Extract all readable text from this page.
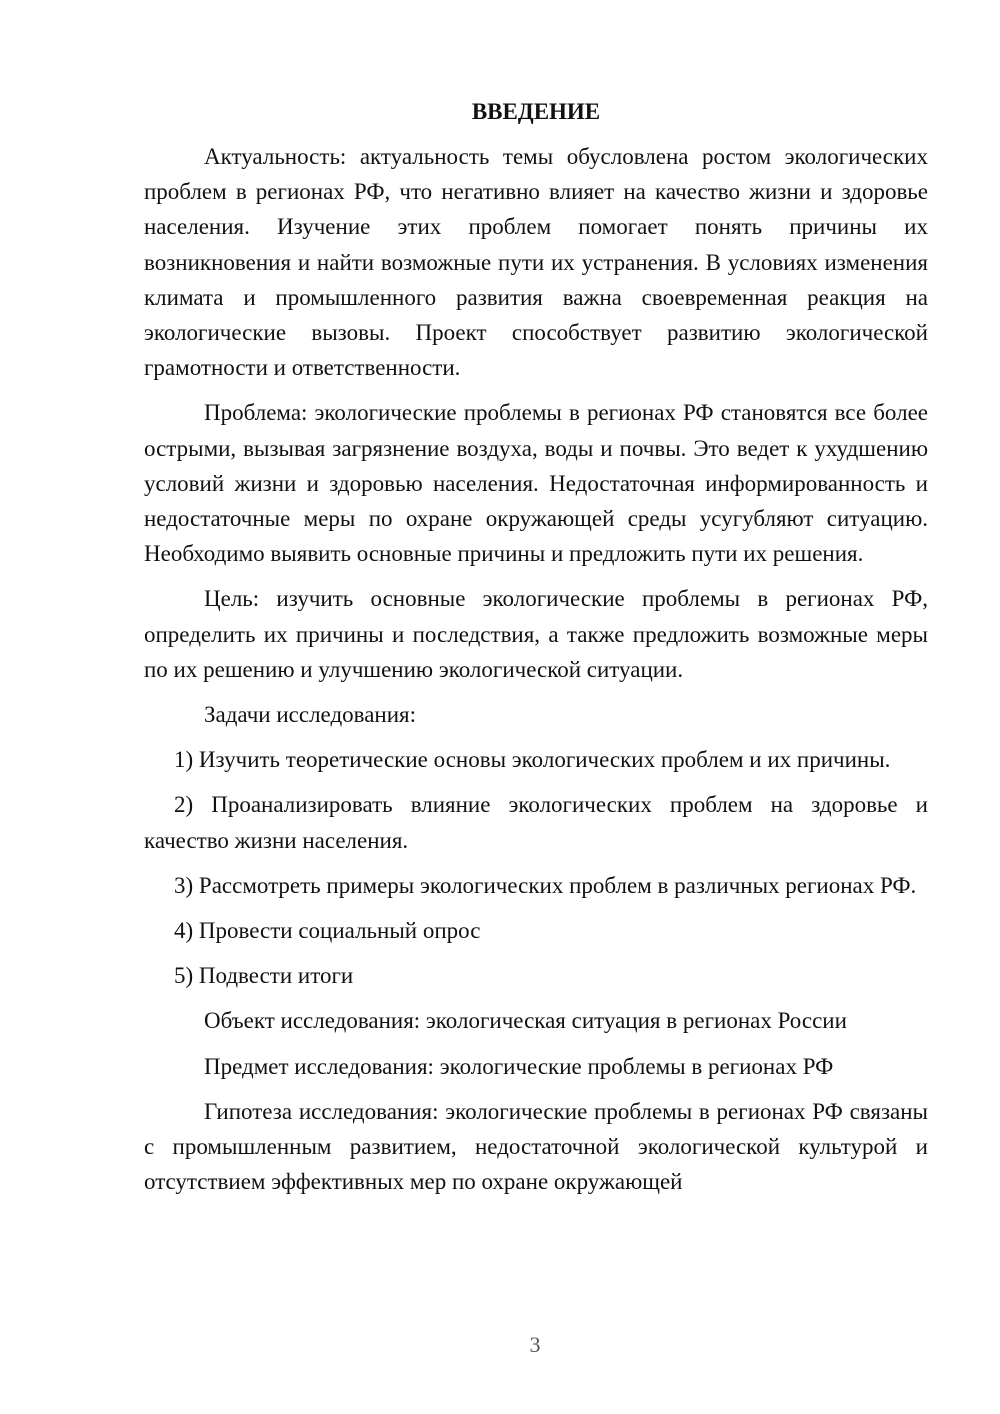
ВВЕДЕНИЕ

Актуальность: актуальность темы обусловлена ростом экологических проблем в регионах РФ, что негативно влияет на качество жизни и здоровье населения. Изучение этих проблем помогает понять причины их возникновения и найти возможные пути их устранения. В условиях изменения климата и промышленного развития важна своевременная реакция на экологические вызовы. Проект способствует развитию экологической грамотности и ответственности.

Проблема: экологические проблемы в регионах РФ становятся все более острыми, вызывая загрязнение воздуха, воды и почвы. Это ведет к ухудшению условий жизни и здоровью населения. Недостаточная информированность и недостаточные меры по охране окружающей среды усугубляют ситуацию. Необходимо выявить основные причины и предложить пути их решения.

Цель: изучить основные экологические проблемы в регионах РФ, определить их причины и последствия, а также предложить возможные меры по их решению и улучшению экологической ситуации.

Задачи исследования:

1) Изучить теоретические основы экологических проблем и их причины.

2) Проанализировать влияние экологических проблем на здоровье и качество жизни населения.

3) Рассмотреть примеры экологических проблем в различных регионах РФ.

4) Провести социальный опрос

5) Подвести итоги

Объект исследования: экологическая ситуация в регионах России

Предмет исследования: экологические проблемы в регионах РФ

Гипотеза исследования: экологические проблемы в регионах РФ связаны с промышленным развитием, недостаточной экологической культурой и отсутствием эффективных мер по охране окружающей

3
